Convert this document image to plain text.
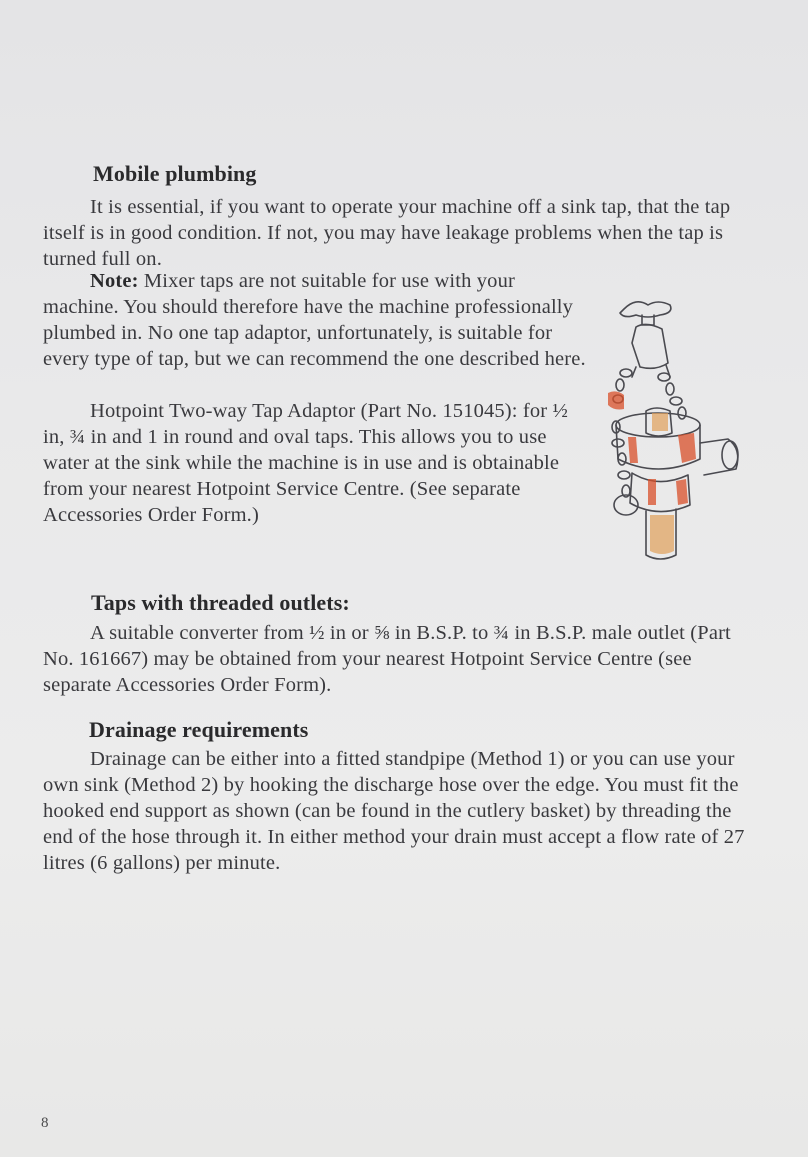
Mobile plumbing

It is essential, if you want to operate your machine off a sink tap, that the tap itself is in good condition. If not, you may have leakage problems when the tap is turned full on.

Note: Mixer taps are not suitable for use with your machine. You should therefore have the machine professionally plumbed in. No one tap adaptor, unfortunately, is suitable for every type of tap, but we can recommend the one described here.

Hotpoint Two-way Tap Adaptor (Part No. 151045): for ½ in, ¾ in and 1 in round and oval taps. This allows you to use water at the sink while the machine is in use and is obtainable from your nearest Hotpoint Service Centre. (See separate Accessories Order Form.)

Taps with threaded outlets:

A suitable converter from ½ in or ⅝ in B.S.P. to ¾ in B.S.P. male outlet (Part No. 161667) may be obtained from your nearest Hotpoint Service Centre (see separate Accessories Order Form).

Drainage requirements

Drainage can be either into a fitted standpipe (Method 1) or you can use your own sink (Method 2) by hooking the discharge hose over the edge. You must fit the hooked end support as shown (can be found in the cutlery basket) by threading the end of the hose through it. In either method your drain must accept a flow rate of 27 litres (6 gallons) per minute.

8
